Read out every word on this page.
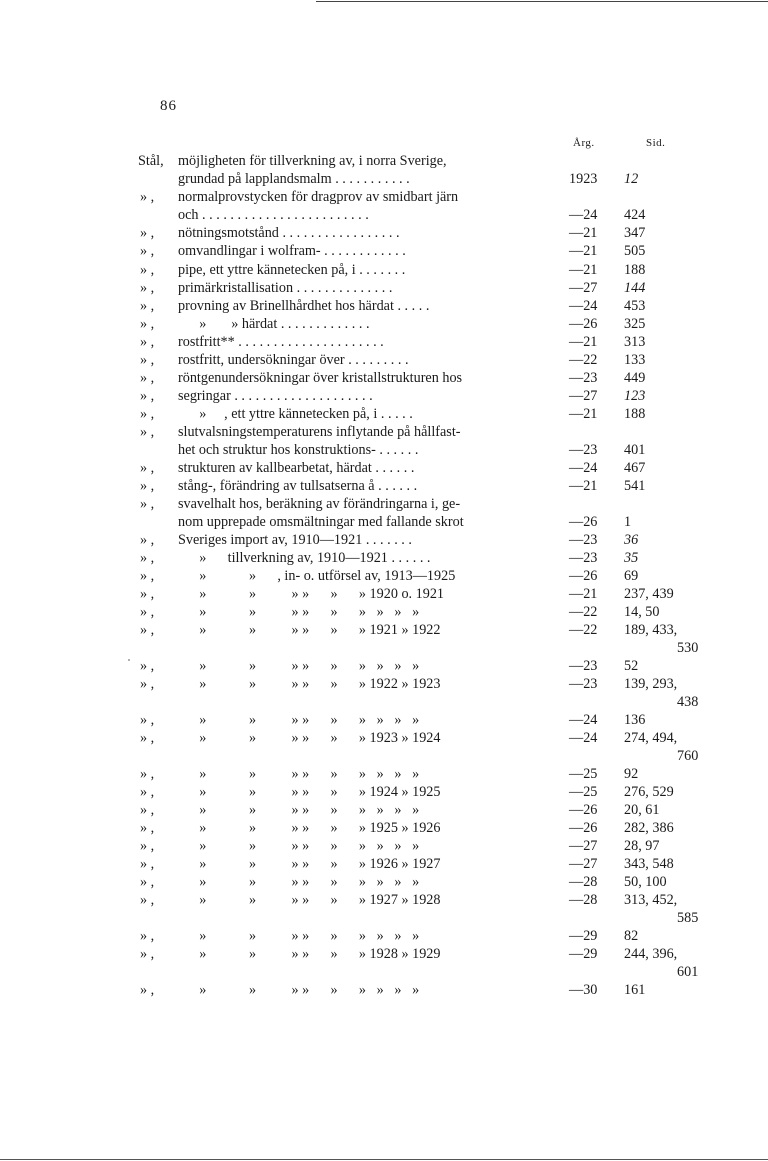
86
Årg.	Sid.
Stål, möjligheten för tillverkning av, i norra Sverige,
grundad på lapplandsmalm . . . . . . . . . . .	1923 12
» , normalprovstycken för dragprov av smidbart järn
och . . . . . . . . . . . . . . . . . . . . . . . .	—24 424
» , nötningsmotstånd . . . . . . . . . . . . . . . . .	—21 347
» , omvandlingar i wolfram- . . . . . . . . . . . .	—21 505
» , pipe, ett yttre kännetecken på, i . . . . . . .	—21 188
» , primärkristallisation . . . . . . . . . . . . . .	—27 144
» , provning av Brinellhårdhet hos härdat . . . . .	—24 453
» , »       » härdat . . . . . . . . . . . . .	—26 325
» , rostfritt** . . . . . . . . . . . . . . . . . . . . .	—21 313
» , rostfritt, undersökningar över . . . . . . . . .	—22 133
» , röntgenundersökningar över kristallstrukturen hos	—23 449
» , segringar . . . . . . . . . . . . . . . . . . . .	—27 123
» , »     , ett yttre kännetecken på, i . . . . .	—21 188
» , slutvalsningstemperaturens inflytande på hållfast-
het och struktur hos konstruktions- . . . . . .	—23 401
» , strukturen av kallbearbetat, härdat . . . . . .	—24 467
» , stång-, förändring av tullsatserna å . . . . . .	—21 541
» , svavelhalt hos, beräkning av förändringarna i, ge-
nom upprepade omsmältningar med fallande skrot	—26 1
» , Sveriges import av, 1910—1921 . . . . . . .	—23 36
» , »      tillverkning av, 1910—1921 . . . . . .	—23 35
» , »            »      , in- o. utförsel av, 1913—1925	—26 69
» , »            »          » »      »      » 1920 o. 1921	—21 237, 439
» , »            »          » »      »      »   »   »   »	—22 14, 50
» , »            »          » »      »      » 1921 » 1922	—22 189, 433,
530
» , »            »          » »      »      »   »   »   »	—23 52
» , »            »          » »      »      » 1922 » 1923	—23 139, 293,
438
» , »            »          » »      »      »   »   »   »	—24 136
» , »            »          » »      »      » 1923 » 1924	—24 274, 494,
760
» , »            »          » »      »      »   »   »   »	—25 92
» , »            »          » »      »      » 1924 » 1925	—25 276, 529
» , »            »          » »      »      »   »   »   »	—26 20, 61
» , »            »          » »      »      » 1925 » 1926	—26 282, 386
» , »            »          » »      »      »   »   »   »	—27 28, 97
» , »            »          » »      »      » 1926 » 1927	—27 343, 548
» , »            »          » »      »      »   »   »   »	—28 50, 100
» , »            »          » »      »      » 1927 » 1928	—28 313, 452,
585
» , »            »          » »      »      »   »   »   »	—29 82
» , »            »          » »      »      » 1928 » 1929	—29 244, 396,
601
» , »            »          » »      »      »   »   »   »	—30 161
